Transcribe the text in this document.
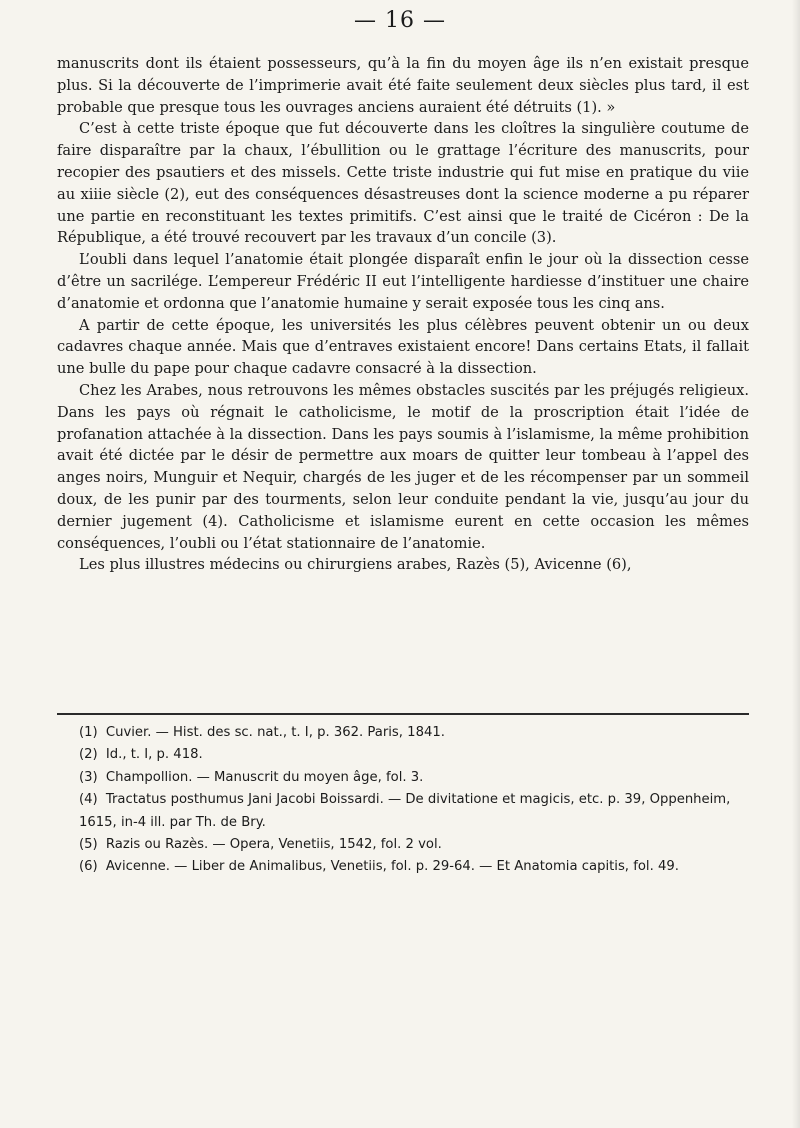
— 16 —

manuscrits dont ils étaient possesseurs, qu’à la fin du moyen âge ils n’en existait presque plus. Si la découverte de l’imprimerie avait été faite seulement deux siècles plus tard, il est probable que presque tous les ouvrages anciens auraient été détruits (1). »

C’est à cette triste époque que fut découverte dans les cloîtres la singulière coutume de faire disparaître par la chaux, l’ébullition ou le grattage l’écriture des manuscrits, pour recopier des psautiers et des missels. Cette triste industrie qui fut mise en pratique du viie au xiiie siècle (2), eut des conséquences désastreuses dont la science moderne a pu réparer une partie en reconstituant les textes primitifs. C’est ainsi que le traité de Cicéron : De la République, a été trouvé recouvert par les travaux d’un concile (3).

L’oubli dans lequel l’anatomie était plongée disparaît enfin le jour où la dissection cesse d’être un sacrilége. L’empereur Frédéric II eut l’intelligente hardiesse d’instituer une chaire d’anatomie et ordonna que l’anatomie humaine y serait exposée tous les cinq ans.

A partir de cette époque, les universités les plus célèbres peuvent obtenir un ou deux cadavres chaque année. Mais que d’entraves existaient encore! Dans certains Etats, il fallait une bulle du pape pour chaque cadavre consacré à la dissection.

Chez les Arabes, nous retrouvons les mêmes obstacles suscités par les préjugés religieux. Dans les pays où régnait le catholicisme, le motif de la proscription était l’idée de profanation attachée à la dissection. Dans les pays soumis à l’islamisme, la même prohibition avait été dictée par le désir de permettre aux moars de quitter leur tombeau à l’appel des anges noirs, Munguir et Nequir, chargés de les juger et de les récompenser par un sommeil doux, de les punir par des tourments, selon leur conduite pendant la vie, jusqu’au jour du dernier jugement (4). Catholicisme et islamisme eurent en cette occasion les mêmes conséquences, l’oubli ou l’état stationnaire de l’anatomie.

Les plus illustres médecins ou chirurgiens arabes, Razès (5), Avicenne (6),

(1) Cuvier. — Hist. des sc. nat., t. I, p. 362. Paris, 1841.

(2) Id., t. I, p. 418.

(3) Champollion. — Manuscrit du moyen âge, fol. 3.

(4) Tractatus posthumus Jani Jacobi Boissardi. — De divitatione et magicis, etc. p. 39, Oppenheim, 1615, in-4 ill. par Th. de Bry.

(5) Razis ou Razès. — Opera, Venetiis, 1542, fol. 2 vol.

(6) Avicenne. — Liber de Animalibus, Venetiis, fol. p. 29-64. — Et Anatomia capitis, fol. 49.
